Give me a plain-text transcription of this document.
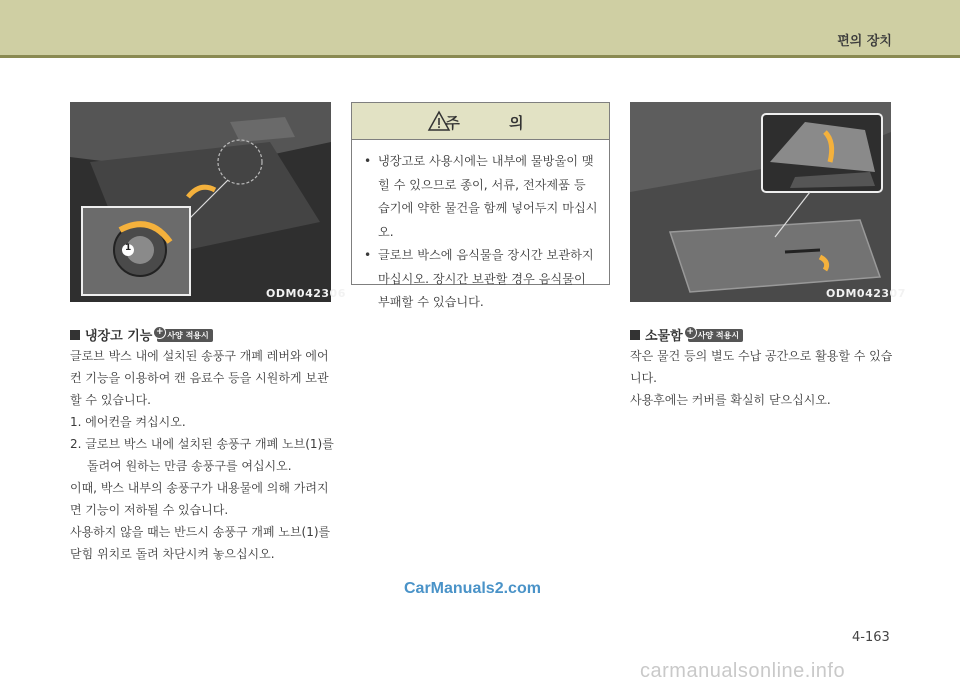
편의 장치
ODM042306
1
주 의
• 냉장고로 사용시에는 내부에 물방울이 맺힐 수 있으므로 종이, 서류, 전자제품 등 습기에 약한 물건을 함께 넣어두지 마십시오.
• 글로브 박스에 음식물을 장시간 보관하지 마십시오. 장시간 보관할 경우 음식물이 부패할 수 있습니다.
ODM042307
냉장고 기능 + 사양 적용시

글로브 박스 내에 설치된 송풍구 개폐 레버와 에어컨 기능을 이용하여 캔 음료수 등을 시원하게 보관할 수 있습니다.

1. 에어컨을 켜십시오.

2. 글로브 박스 내에 설치된 송풍구 개폐 노브(1)를 돌려여 원하는 만큼 송풍구를 여십시오.

이때, 박스 내부의 송풍구가 내용물에 의해 가려지면 기능이 저하될 수 있습니다.

사용하지 않을 때는 반드시 송풍구 개폐 노브(1)를 닫힘 위치로 돌려 차단시켜 놓으십시오.

소물함 + 사양 적용시

작은 물건 등의 별도 수납 공간으로 활용할 수 있습니다.

사용후에는 커버를 확실히 닫으십시오.

CarManuals2.com
4-163
carmanualsonline.info
